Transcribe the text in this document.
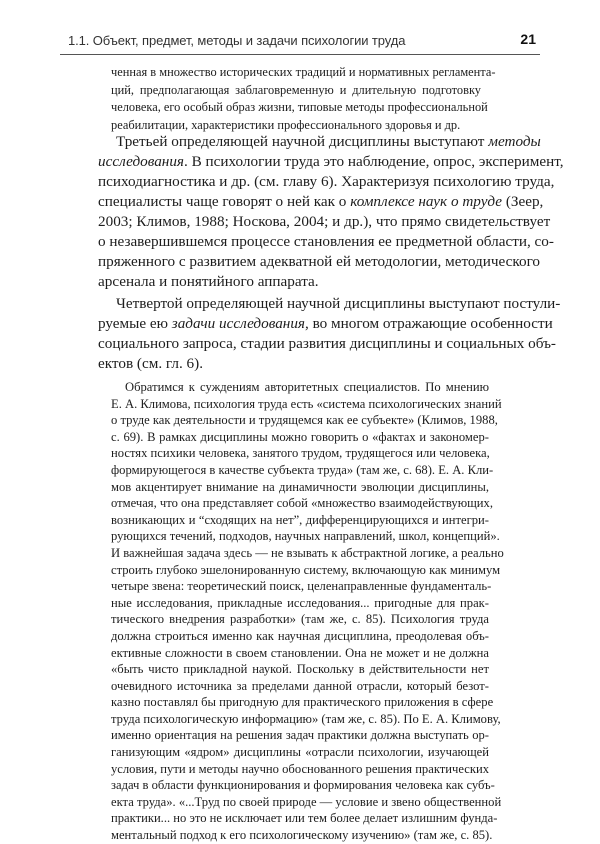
1.1. Объект, предмет, методы и задачи психологии труда	21
ченная в множество исторических традиций и нормативных регламента-
ций, предполагающая заблаговременную и длительную подготовку
человека, его особый образ жизни, типовые методы профессиональной
реабилитации, характеристики профессионального здоровья и др.
Третьей определяющей научной дисциплины выступают методы
исследования. В психологии труда это наблюдение, опрос, эксперимент,
психодиагностика и др. (см. главу 6). Характеризуя психологию труда,
специалисты чаще говорят о ней как о комплексе наук о труде (Зеер,
2003; Климов, 1988; Носкова, 2004; и др.), что прямо свидетельствует
о незавершившемся процессе становления ее предметной области, со-
пряженного с развитием адекватной ей методологии, методического
арсенала и понятийного аппарата.
Четвертой определяющей научной дисциплины выступают постули-
руемые ею задачи исследования, во многом отражающие особенности
социального запроса, стадии развития дисциплины и социальных объ-
ектов (см. гл. 6).
Обратимся к суждениям авторитетных специалистов. По мнению
Е. А. Климова, психология труда есть «система психологических знаний
о труде как деятельности и трудящемся как ее субъекте» (Климов, 1988,
с. 69). В рамках дисциплины можно говорить о «фактах и закономер-
ностях психики человека, занятого трудом, трудящегося или человека,
формирующегося в качестве субъекта труда» (там же, с. 68). Е. А. Кли-
мов акцентирует внимание на динамичности эволюции дисциплины,
отмечая, что она представляет собой «множество взаимодействующих,
возникающих и “сходящих на нет”, дифференцирующихся и интегри-
рующихся течений, подходов, научных направлений, школ, концепций».
И важнейшая задача здесь — не взывать к абстрактной логике, а реально
строить глубоко эшелонированную систему, включающую как минимум
четыре звена: теоретический поиск, целенаправленные фундаменталь-
ные исследования, прикладные исследования... пригодные для прак-
тического внедрения разработки» (там же, с. 85). Психология труда
должна строиться именно как научная дисциплина, преодолевая объ-
ективные сложности в своем становлении. Она не может и не должна
«быть чисто прикладной наукой. Поскольку в действительности нет
очевидного источника за пределами данной отрасли, который безот-
казно поставлял бы пригодную для практического приложения в сфере
труда психологическую информацию» (там же, с. 85). По Е. А. Климову,
именно ориентация на решения задач практики должна выступать ор-
ганизующим «ядром» дисциплины «отрасли психологии, изучающей
условия, пути и методы научно обоснованного решения практических
задач в области функционирования и формирования человека как субъ-
екта труда». «...Труд по своей природе — условие и звено общественной
практики... но это не исключает или тем более делает излишним фунда-
ментальный подход к его психологическому изучению» (там же, с. 85).
